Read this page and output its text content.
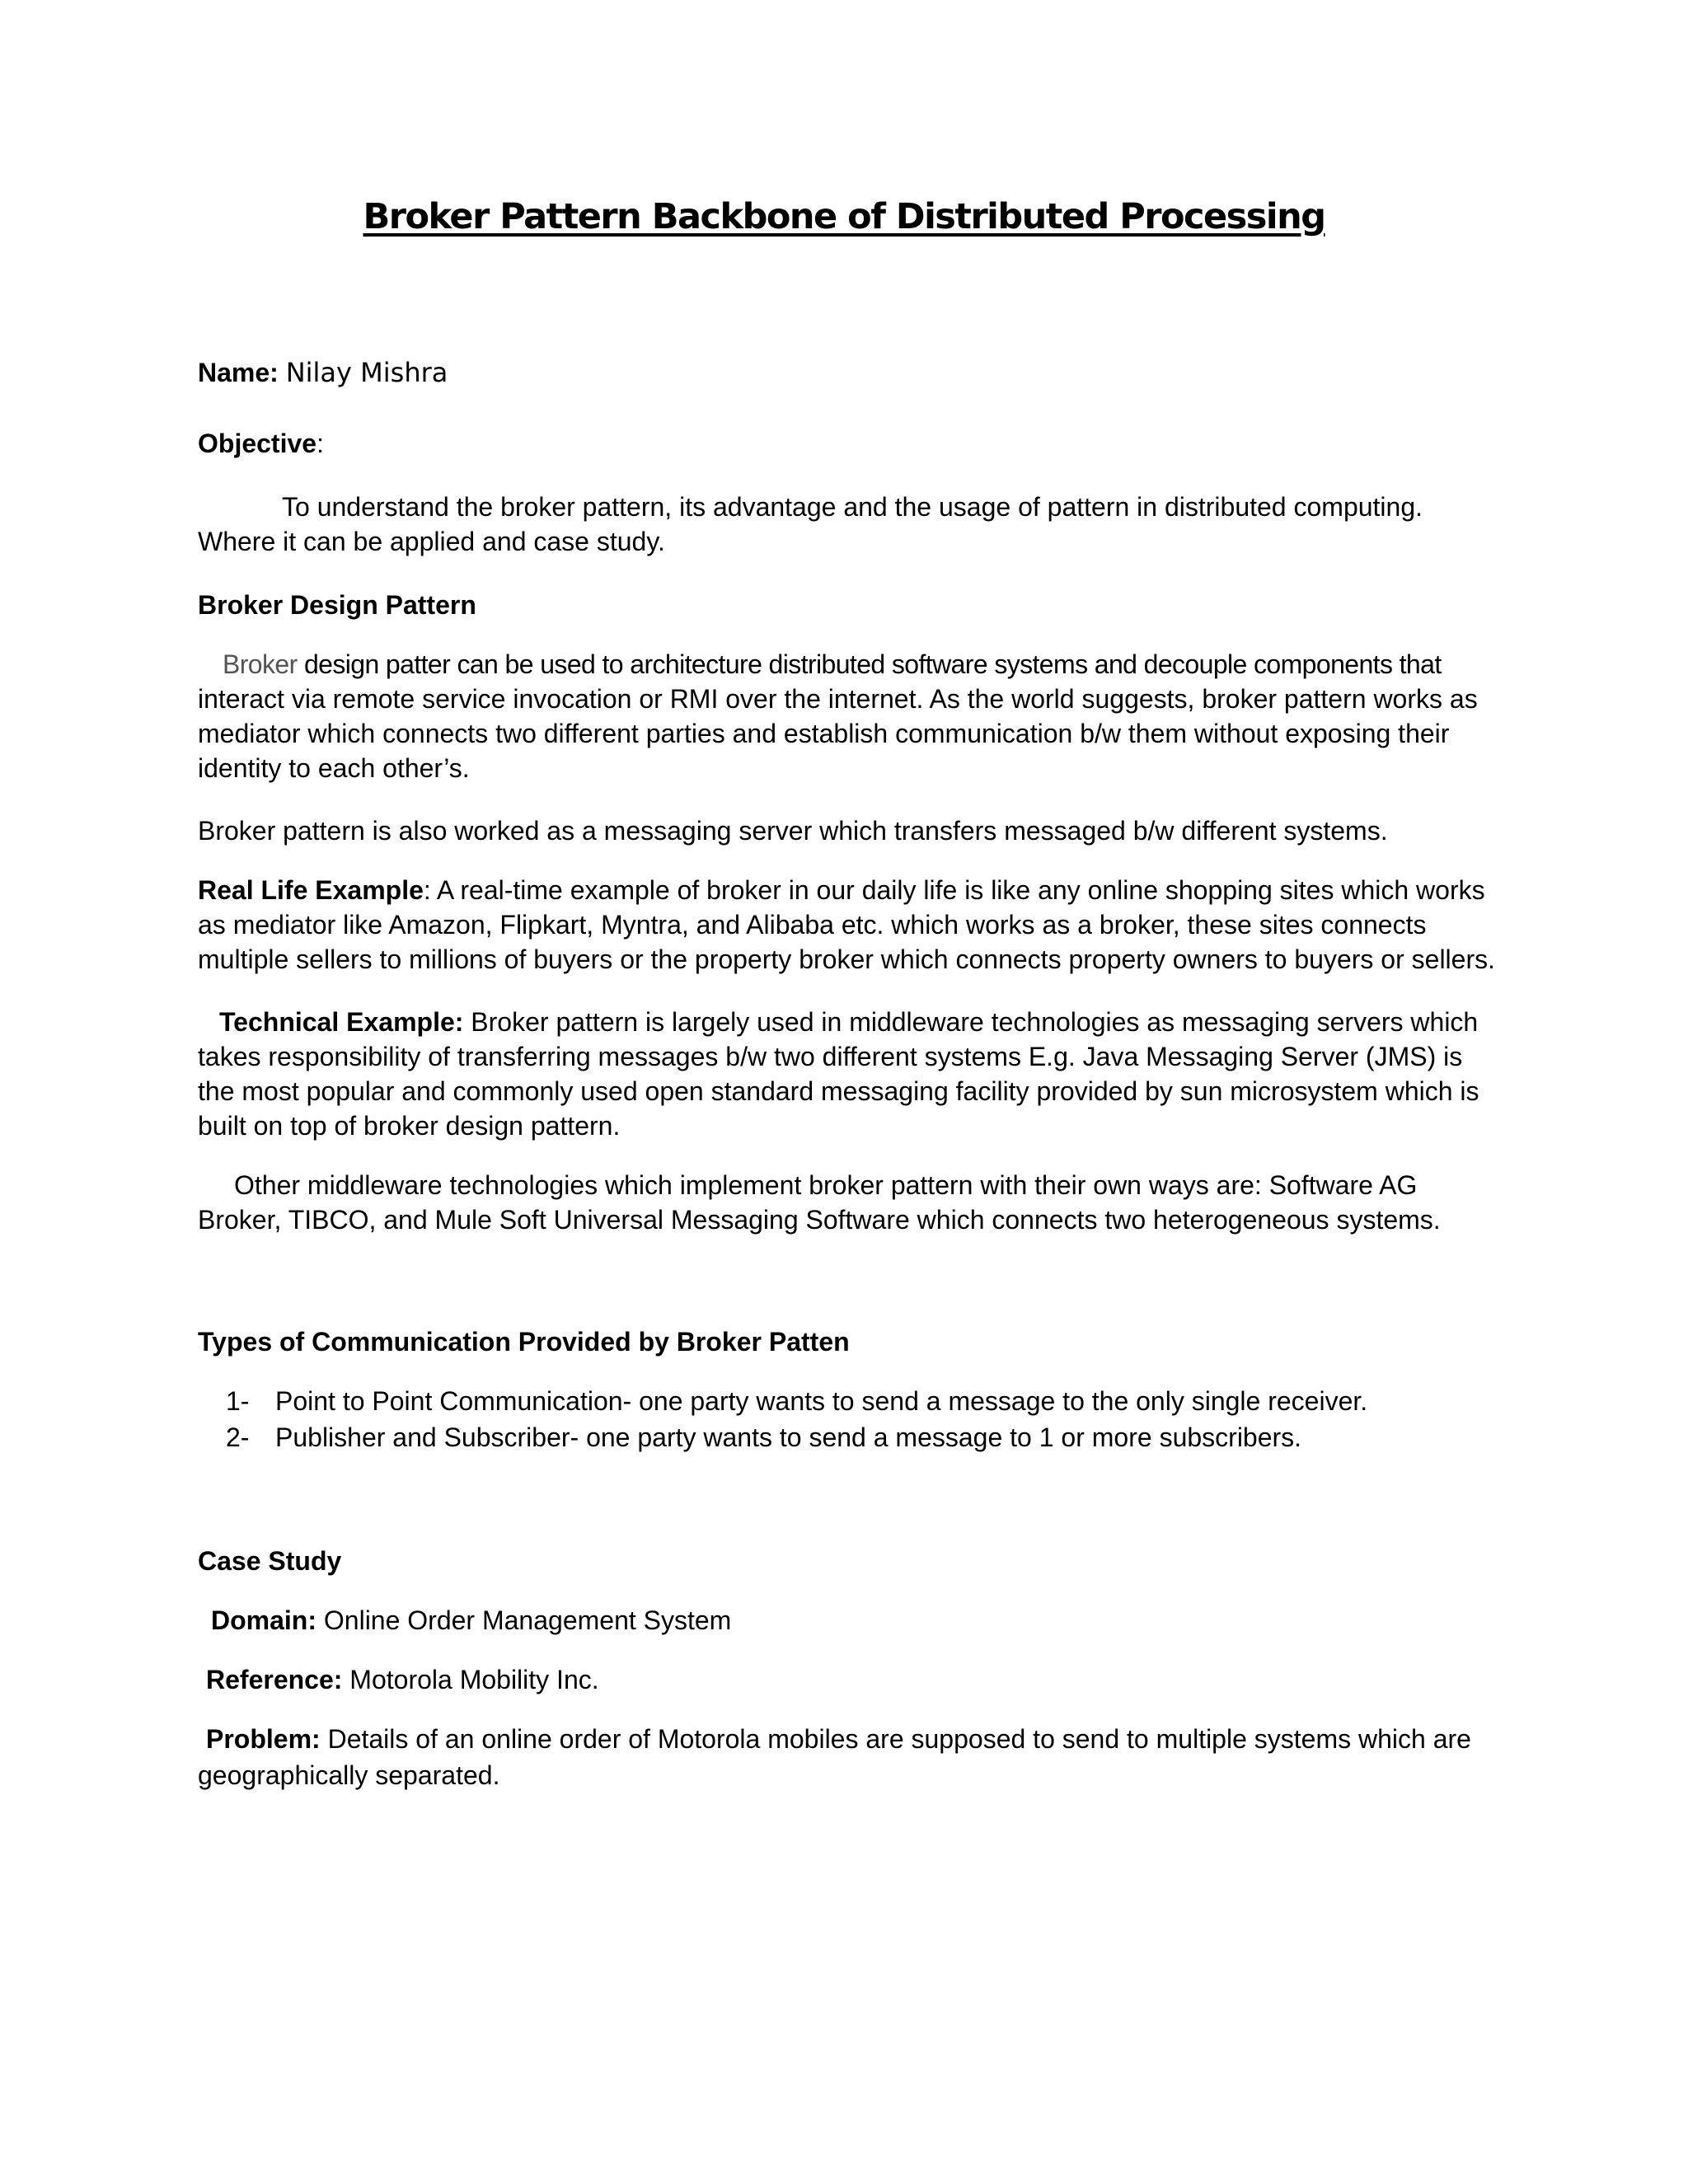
Broker Pattern Backbone of Distributed Processing
Name: Nilay Mishra
Objective:
To understand the broker pattern, its advantage and the usage of pattern in distributed computing.
Where it can be applied and case study.
Broker Design Pattern
Broker design patter can be used to architecture distributed software systems and decouple components that
interact via remote service invocation or RMI over the internet. As the world suggests, broker pattern works as
mediator which connects two different parties and establish communication b/w them without exposing their
identity to each other’s.
Broker pattern is also worked as a messaging server which transfers messaged b/w different systems.
Real Life Example: A real-time example of broker in our daily life is like any online shopping sites which works
as mediator like Amazon, Flipkart, Myntra, and Alibaba etc. which works as a broker, these sites connects
multiple sellers to millions of buyers or the property broker which connects property owners to buyers or sellers.
Technical Example: Broker pattern is largely used in middleware technologies as messaging servers which
takes responsibility of transferring messages b/w two different systems E.g. Java Messaging Server (JMS) is
the most popular and commonly used open standard messaging facility provided by sun microsystem which is
built on top of broker design pattern.
Other middleware technologies which implement broker pattern with their own ways are: Software AG
Broker, TIBCO, and Mule Soft Universal Messaging Software which connects two heterogeneous systems.
Types of Communication Provided by Broker Patten
1- Point to Point Communication- one party wants to send a message to the only single receiver.
2- Publisher and Subscriber- one party wants to send a message to 1 or more subscribers.
Case Study
Domain: Online Order Management System
Reference: Motorola Mobility Inc.
Problem: Details of an online order of Motorola mobiles are supposed to send to multiple systems which are
geographically separated.
